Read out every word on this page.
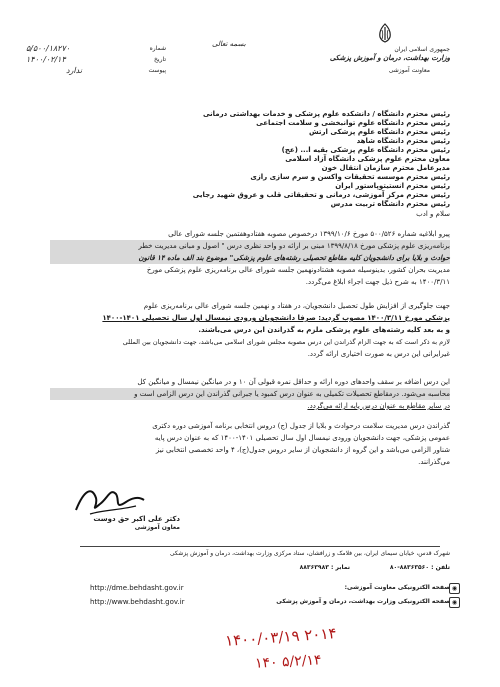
جمهوری اسلامی ایران
وزارت بهداشت، درمان و آموزش پزشکی
معاونت آموزشی
بسمه تعالی
۵/۵۰۰/۱۸۲۷۰	شماره
۱۴۰۰/۰۲/۱۴	تاریخ
ندارد	پیوست
رئیس محترم دانشگاه / دانشکده علوم پزشکی و خدمات بهداشتی درمانی
رئیس محترم دانشگاه علوم توانبخشی و سلامت اجتماعی
رئیس محترم دانشگاه علوم پزشکی ارتش
رئیس محترم دانشگاه شاهد
رئیس محترم دانشگاه علوم پزشکی بقیه ا... (عج)
معاون محترم علوم پزشکی دانشگاه آزاد اسلامی
مدیرعامل محترم سازمان انتقال خون
رئیس محترم موسسه تحقیقات واکسن و سرم سازی رازی
رئیس محترم انستیتوپاستور ایران
رئیس محترم مرکز آموزشی، درمانی و تحقیقاتی قلب و عروق شهید رجایی
رئیس محترم دانشگاه تربیت مدرس
سلام و ادب
پیرو ابلاغیه شماره ۵۰۰/۵۲۶ مورخ ۱۳۹۹/۱۰/۶ درخصوص مصوبه هفتادوهفتمین جلسه شورای عالی
برنامه‌ریزی علوم پزشکی مورخ ۱۳۹۹/۸/۱۸ مبنی بر ارائه دو واحد نظری درس " اصول و مبانی مدیریت خطر
حوادث و بلایا برای دانشجویان کلیه مقاطع تحصیلی رشته‌های علوم پزشکی" موضوع بند الف ماده ۱۴ قانون
مدیریت بحران کشور، بدینوسیله مصوبه هشتادونهمین جلسه شورای عالی برنامه‌ریزی علوم پزشکی مورخ
۱۴۰۰/۳/۱۱ به شرح ذیل جهت اجراء ابلاغ می‌گردد.
جهت جلوگیری از افزایش طول تحصیل دانشجویان، در هفتاد و نهمین جلسه شورای عالی برنامه‌ریزی علوم
پزشکی مورخ ۱۴۰۰/۳/۱۱ مصوب گردید: صرفا دانشجویان ورودی نیمسال اول سال تحصیلی ۱۴۰۱-۱۴۰۰
و به بعد کلیه رشته‌های علوم پزشکی ملزم به گذراندن این درس می‌باشند.
لازم به ذکر است که به جهت الزام گذراندن این درس مصوبه مجلس شورای اسلامی می‌باشد، جهت دانشجویان بین المللی
غیرایرانی این درس به صورت اختیاری ارائه گردد.
این درس اضافه بر سقف واحدهای دوره ارائه و حداقل نمره قبولی آن ۱۰ و در میانگین نیمسال و میانگین کل
محاسبه می‌شود. درمقاطع تحصیلات تکمیلی به عنوان درس کمبود یا جبرانی گذراندن این درس الزامی است و
در سایر مقاطع به عنوان درس پایه ارائه می‌گردد.
گذراندن درس مدیریت سلامت درحوادث و بلایا از جدول (ج) دروس انتخابی برنامه آموزشی دوره دکتری
عمومی پزشکی، جهت دانشجویان ورودی نیمسال اول سال تحصیلی ۱۴۰۱-۱۴۰۰ که به عنوان درس پایه
شناور الزامی می‌باشد و این گروه از دانشجویان از سایر دروس جدول(ج)، ۴ واحد تخصصی انتخابی نیز
می‌گذرانند.
دکتر علی اکبر حق دوست
معاون آموزشی
شهرک قدس، خیابان سیمای ایران، بین فلامک و زرافشان، ستاد مرکزی وزارت بهداشت، درمان و آموزش پزشکی
تلفن : ۸۸۳۶۳۵۶۰-۸۰
نمابر : ۸۸۳۶۳۹۸۳
http://dme.behdasht.gov.ir	صفحه الکترونیکی معاونت آموزشی: ◉
http://www.behdasht.gov.ir	صفحه الکترونیکی وزارت بهداشت، درمان و آموزش پزشکی ◉
۱۴۰۰/۰۳/۱۹ ۲۰۱۴
۱۴۰ ۵/۲/۱۴
